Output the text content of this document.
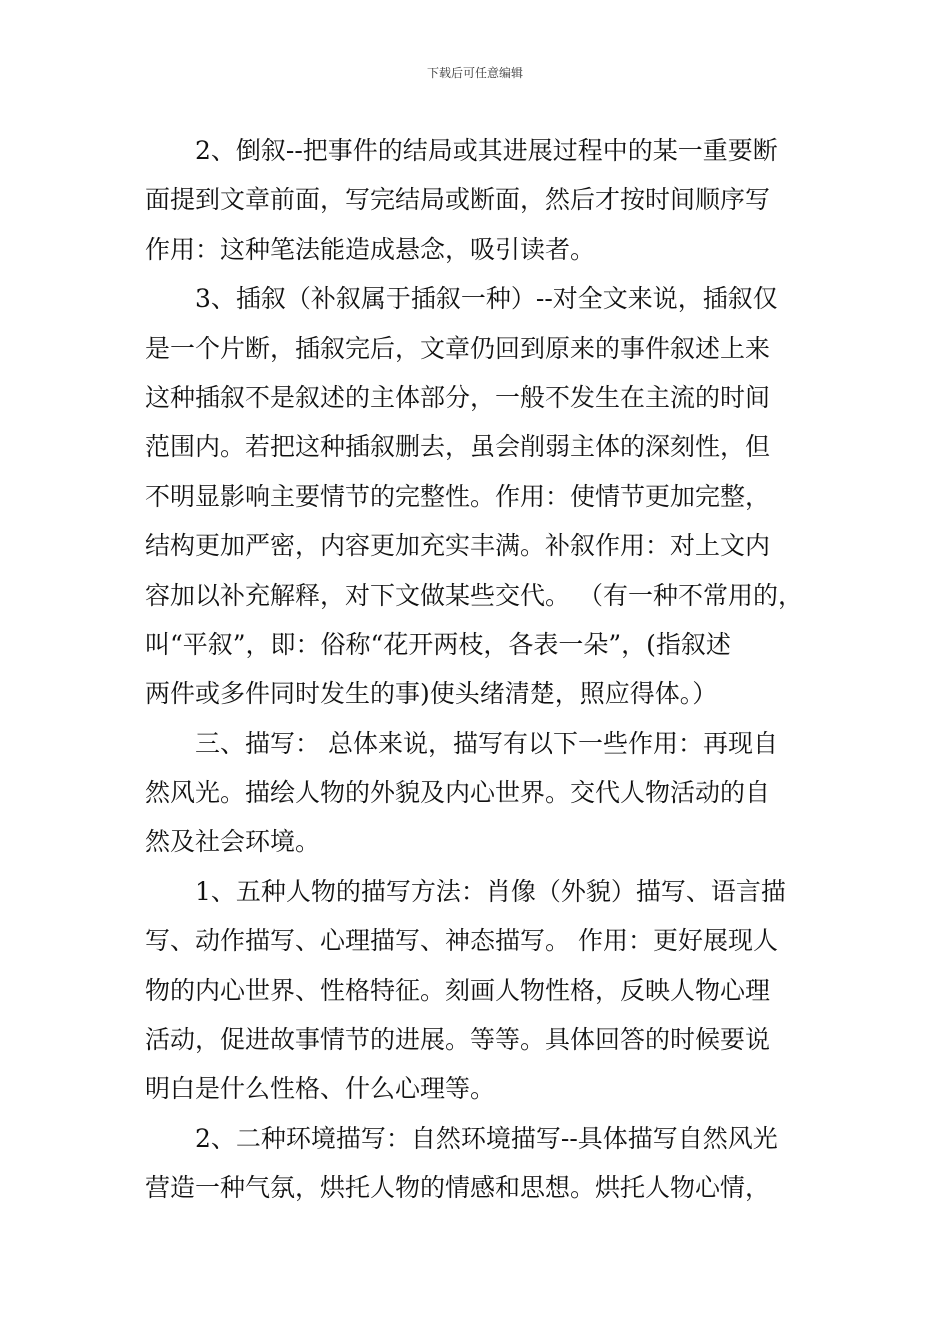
下载后可任意编辑
2、倒叙--把事件的结局或其进展过程中的某一重要断
面提到文章前面，写完结局或断面，然后才按时间顺序写
作用：这种笔法能造成悬念，吸引读者。
3、插叙（补叙属于插叙一种）--对全文来说，插叙仅
是一个片断，插叙完后，文章仍回到原来的事件叙述上来
这种插叙不是叙述的主体部分，一般不发生在主流的时间
范围内。若把这种插叙删去，虽会削弱主体的深刻性，但
不明显影响主要情节的完整性。作用：使情节更加完整，
结构更加严密，内容更加充实丰满。补叙作用：对上文内
容加以补充解释，对下文做某些交代。 （有一种不常用的，
叫“平叙”，即：俗称“花开两枝，各表一朵”，(指叙述
两件或多件同时发生的事)使头绪清楚，照应得体。）
三、描写： 总体来说，描写有以下一些作用：再现自
然风光。描绘人物的外貌及内心世界。交代人物活动的自
然及社会环境。
1、五种人物的描写方法：肖像（外貌）描写、语言描
写、动作描写、心理描写、神态描写。 作用：更好展现人
物的内心世界、性格特征。刻画人物性格，反映人物心理
活动，促进故事情节的进展。等等。具体回答的时候要说
明白是什么性格、什么心理等。
2、二种环境描写：自然环境描写--具体描写自然风光
营造一种气氛，烘托人物的情感和思想。烘托人物心情，
